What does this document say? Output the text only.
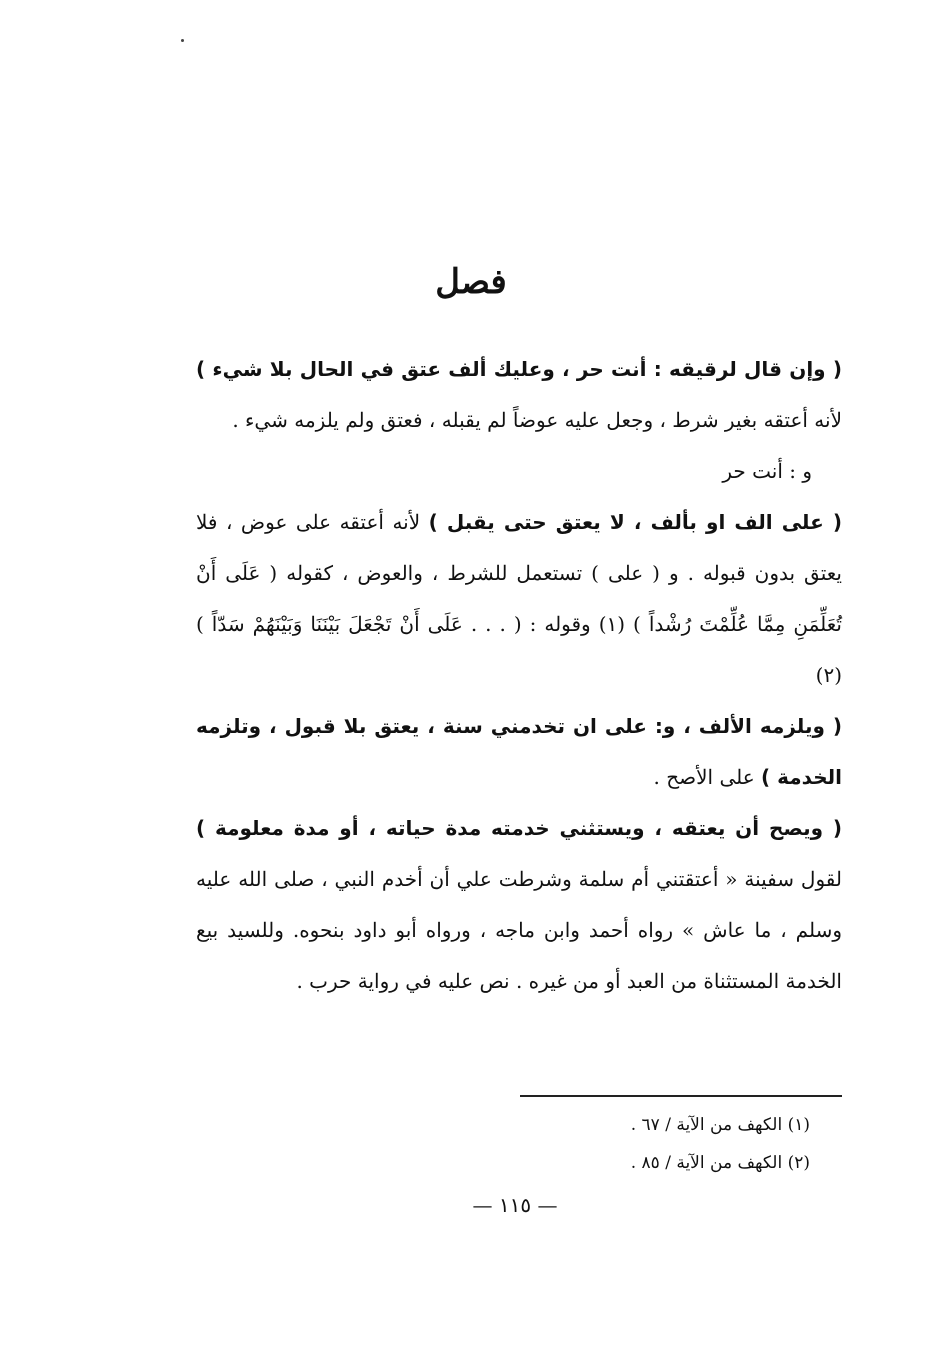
فصل

( وإن قال لرقيقه : أنت حر ، وعليك ألف عتق في الحال بلا شيء ) لأنه أعتقه بغير شرط ، وجعل عليه عوضاً لم يقبله ، فعتق ولم يلزمه شيء .

و : أنت حر

( على الف او بألف ، لا يعتق حتى يقبل ) لأنه أعتقه على عوض ، فلا يعتق بدون قبوله . و ( على ) تستعمل للشرط ، والعوض ، كقوله ( عَلَى أَنْ تُعَلِّمَنِ مِمَّا عُلِّمْتَ رُشْداً ) (١) وقوله : ( . . . عَلَى أَنْ تَجْعَلَ بَيْنَنَا وَبَيْنَهُمْ سَدّاً ) (٢)

( ويلزمه الألف ، و: على ان تخدمني سنة ، يعتق بلا قبول ، وتلزمه الخدمة ) على الأصح .

( ويصح أن يعتقه ، ويستثني خدمته مدة حياته ، أو مدة معلومة ) لقول سفينة « أعتقتني أم سلمة وشرطت علي أن أخدم النبي ، صلى الله عليه وسلم ، ما عاش » رواه أحمد وابن ماجه ، ورواه أبو داود بنحوه. وللسيد بيع الخدمة المستثناة من العبد أو من غيره . نص عليه في رواية حرب .

(١) الكهف من الآية / ٦٧ .
(٢) الكهف من الآية / ٨٥ .
— ١١٥ —
